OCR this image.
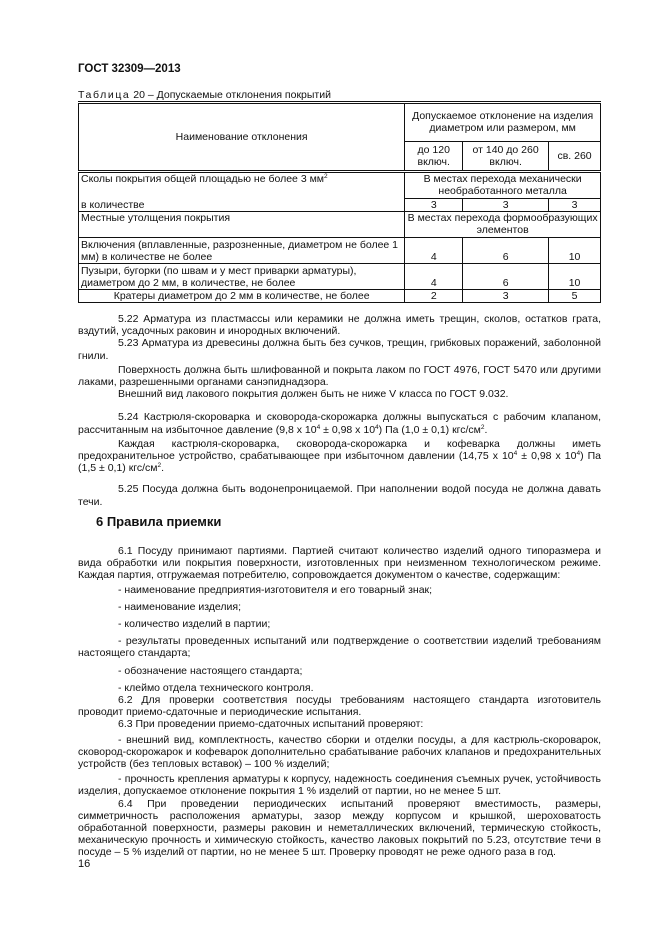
ГОСТ 32309—2013
Таблица 20 – Допускаемые отклонения покрытий
Наименование отклонения	Допускаемое отклонение на изделия диаметром или размером, мм		
	до 120 включ.	от 140 до 260 включ.	св. 260
Сколы покрытия общей площадью не более 3 $мм^2$	В местах перехода механически необработанного металла		
в количестве	3	3	3
Местные утолщения покрытия	В местах перехода формообразующих элементов		
Включения (вплавленные, разрозненные, диаметром не более 1 мм) в количестве не более	4	6	10
Пузыри, бугорки (по швам и у мест приварки арматуры), диаметром до 2 мм, в количестве, не более	4	6	10
Кратеры диаметром до 2 мм в количестве, не более	2	3	5

5.22 Арматура из пластмассы или керамики не должна иметь трещин, сколов, остатков грата, вздутий, усадочных раковин и инородных включений.

5.23 Арматура из древесины должна быть без сучков, трещин, грибковых поражений, заболонной гнили.

Поверхность должна быть шлифованной и покрыта лаком по ГОСТ 4976, ГОСТ 5470 или другими лаками, разрешенными органами санэпиднадзора.

Внешний вид лакового покрытия должен быть не ниже V класса по ГОСТ 9.032.

5.24 Кастрюля-скороварка и сковорода-скорожарка должны выпускаться с рабочим клапаном, рассчитанным на избыточное давление (9,8 х $10^4 \pm 0,98$ х $10^4$) Па (1,0 ± 0,1) кгс/$см^2$.

Каждая кастрюля-скороварка, сковорода-скорожарка и кофеварка должны иметь предохранительное устройство, срабатывающее при избыточном давлении (14,75 х $10^4 \pm 0,98$ х $10^4$) Па (1,5 ± 0,1) кгс/$см^2$.

5.25 Посуда должна быть водонепроницаемой. При наполнении водой посуда не должна давать течи.

6 Правила приемки

6.1 Посуду принимают партиями. Партией считают количество изделий одного типоразмера и вида обработки или покрытия поверхности, изготовленных при неизменном технологическом режиме. Каждая партия, отгружаемая потребителю, сопровождается документом о качестве, содержащим:

- наименование предприятия-изготовителя и его товарный знак;

- наименование изделия;

- количество изделий в партии;

- результаты проведенных испытаний или подтверждение о соответствии изделий требованиям настоящего стандарта;

- обозначение настоящего стандарта;

- клеймо отдела технического контроля.

6.2 Для проверки соответствия посуды требованиям настоящего стандарта изготовитель проводит приемо-сдаточные и периодические испытания.

6.3 При проведении приемо-сдаточных испытаний проверяют:

- внешний вид, комплектность, качество сборки и отделки посуды, а для кастрюль-скороварок, сковород-скорожарок и кофеварок дополнительно срабатывание рабочих клапанов и предохранительных устройств (без тепловых вставок) – 100 % изделий;

- прочность крепления арматуры к корпусу, надежность соединения съемных ручек, устойчивость изделия, допускаемое отклонение покрытия 1 % изделий от партии, но не менее 5 шт.

6.4 При проведении периодических испытаний проверяют вместимость, размеры, симметричность расположения арматуры, зазор между корпусом и крышкой, шероховатость обработанной поверхности, размеры раковин и неметаллических включений, термическую стойкость, механическую прочность и химическую стойкость, качество лаковых покрытий по 5.23, отсутствие течи в посуде – 5 % изделий от партии, но не менее 5 шт. Проверку проводят не реже одного раза в год.

16
